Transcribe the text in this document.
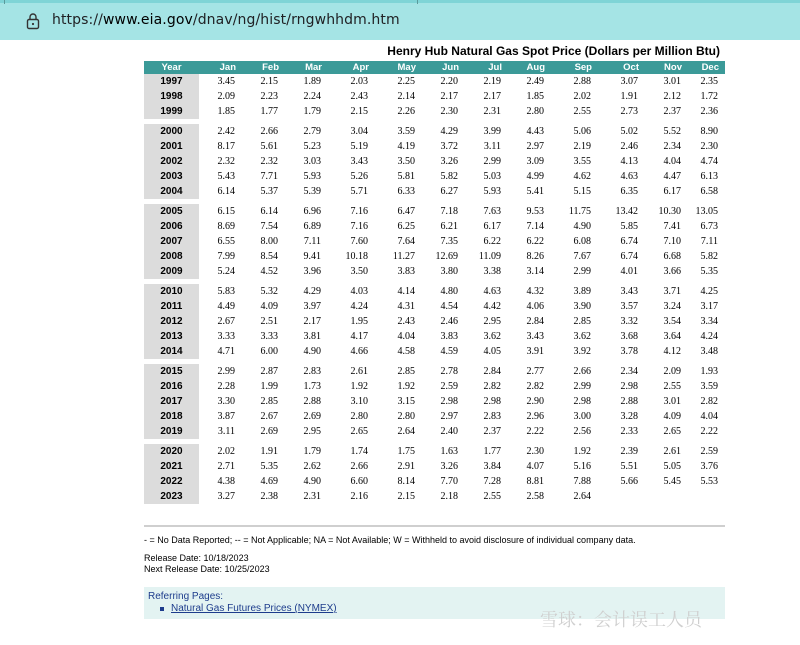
https://www.eia.gov/dnav/ng/hist/rngwhhdm.htm
Henry Hub Natural Gas Spot Price (Dollars per Million Btu)
Year	Jan	Feb	Mar	Apr	May	Jun	Jul	Aug	Sep	Oct	Nov	Dec
1997	3.45	2.15	1.89	2.03	2.25	2.20	2.19	2.49	2.88	3.07	3.01	2.35
1998	2.09	2.23	2.24	2.43	2.14	2.17	2.17	1.85	2.02	1.91	2.12	1.72
1999	1.85	1.77	1.79	2.15	2.26	2.30	2.31	2.80	2.55	2.73	2.37	2.36

2000	2.42	2.66	2.79	3.04	3.59	4.29	3.99	4.43	5.06	5.02	5.52	8.90
2001	8.17	5.61	5.23	5.19	4.19	3.72	3.11	2.97	2.19	2.46	2.34	2.30
2002	2.32	2.32	3.03	3.43	3.50	3.26	2.99	3.09	3.55	4.13	4.04	4.74
2003	5.43	7.71	5.93	5.26	5.81	5.82	5.03	4.99	4.62	4.63	4.47	6.13
2004	6.14	5.37	5.39	5.71	6.33	6.27	5.93	5.41	5.15	6.35	6.17	6.58

2005	6.15	6.14	6.96	7.16	6.47	7.18	7.63	9.53	11.75	13.42	10.30	13.05
2006	8.69	7.54	6.89	7.16	6.25	6.21	6.17	7.14	4.90	5.85	7.41	6.73
2007	6.55	8.00	7.11	7.60	7.64	7.35	6.22	6.22	6.08	6.74	7.10	7.11
2008	7.99	8.54	9.41	10.18	11.27	12.69	11.09	8.26	7.67	6.74	6.68	5.82
2009	5.24	4.52	3.96	3.50	3.83	3.80	3.38	3.14	2.99	4.01	3.66	5.35

2010	5.83	5.32	4.29	4.03	4.14	4.80	4.63	4.32	3.89	3.43	3.71	4.25
2011	4.49	4.09	3.97	4.24	4.31	4.54	4.42	4.06	3.90	3.57	3.24	3.17
2012	2.67	2.51	2.17	1.95	2.43	2.46	2.95	2.84	2.85	3.32	3.54	3.34
2013	3.33	3.33	3.81	4.17	4.04	3.83	3.62	3.43	3.62	3.68	3.64	4.24
2014	4.71	6.00	4.90	4.66	4.58	4.59	4.05	3.91	3.92	3.78	4.12	3.48

2015	2.99	2.87	2.83	2.61	2.85	2.78	2.84	2.77	2.66	2.34	2.09	1.93
2016	2.28	1.99	1.73	1.92	1.92	2.59	2.82	2.82	2.99	2.98	2.55	3.59
2017	3.30	2.85	2.88	3.10	3.15	2.98	2.98	2.90	2.98	2.88	3.01	2.82
2018	3.87	2.67	2.69	2.80	2.80	2.97	2.83	2.96	3.00	3.28	4.09	4.04
2019	3.11	2.69	2.95	2.65	2.64	2.40	2.37	2.22	2.56	2.33	2.65	2.22

2020	2.02	1.91	1.79	1.74	1.75	1.63	1.77	2.30	1.92	2.39	2.61	2.59
2021	2.71	5.35	2.62	2.66	2.91	3.26	3.84	4.07	5.16	5.51	5.05	3.76
2022	4.38	4.69	4.90	6.60	8.14	7.70	7.28	8.81	7.88	5.66	5.45	5.53
2023	3.27	2.38	2.31	2.16	2.15	2.18	2.55	2.58	2.64			
- = No Data Reported; -- = Not Applicable; NA = Not Available; W = Withheld to avoid disclosure of individual company data.
Release Date: 10/18/2023
Next Release Date: 10/25/2023
Referring Pages:
Natural Gas Futures Prices (NYMEX)
雪球：会计误工人员
